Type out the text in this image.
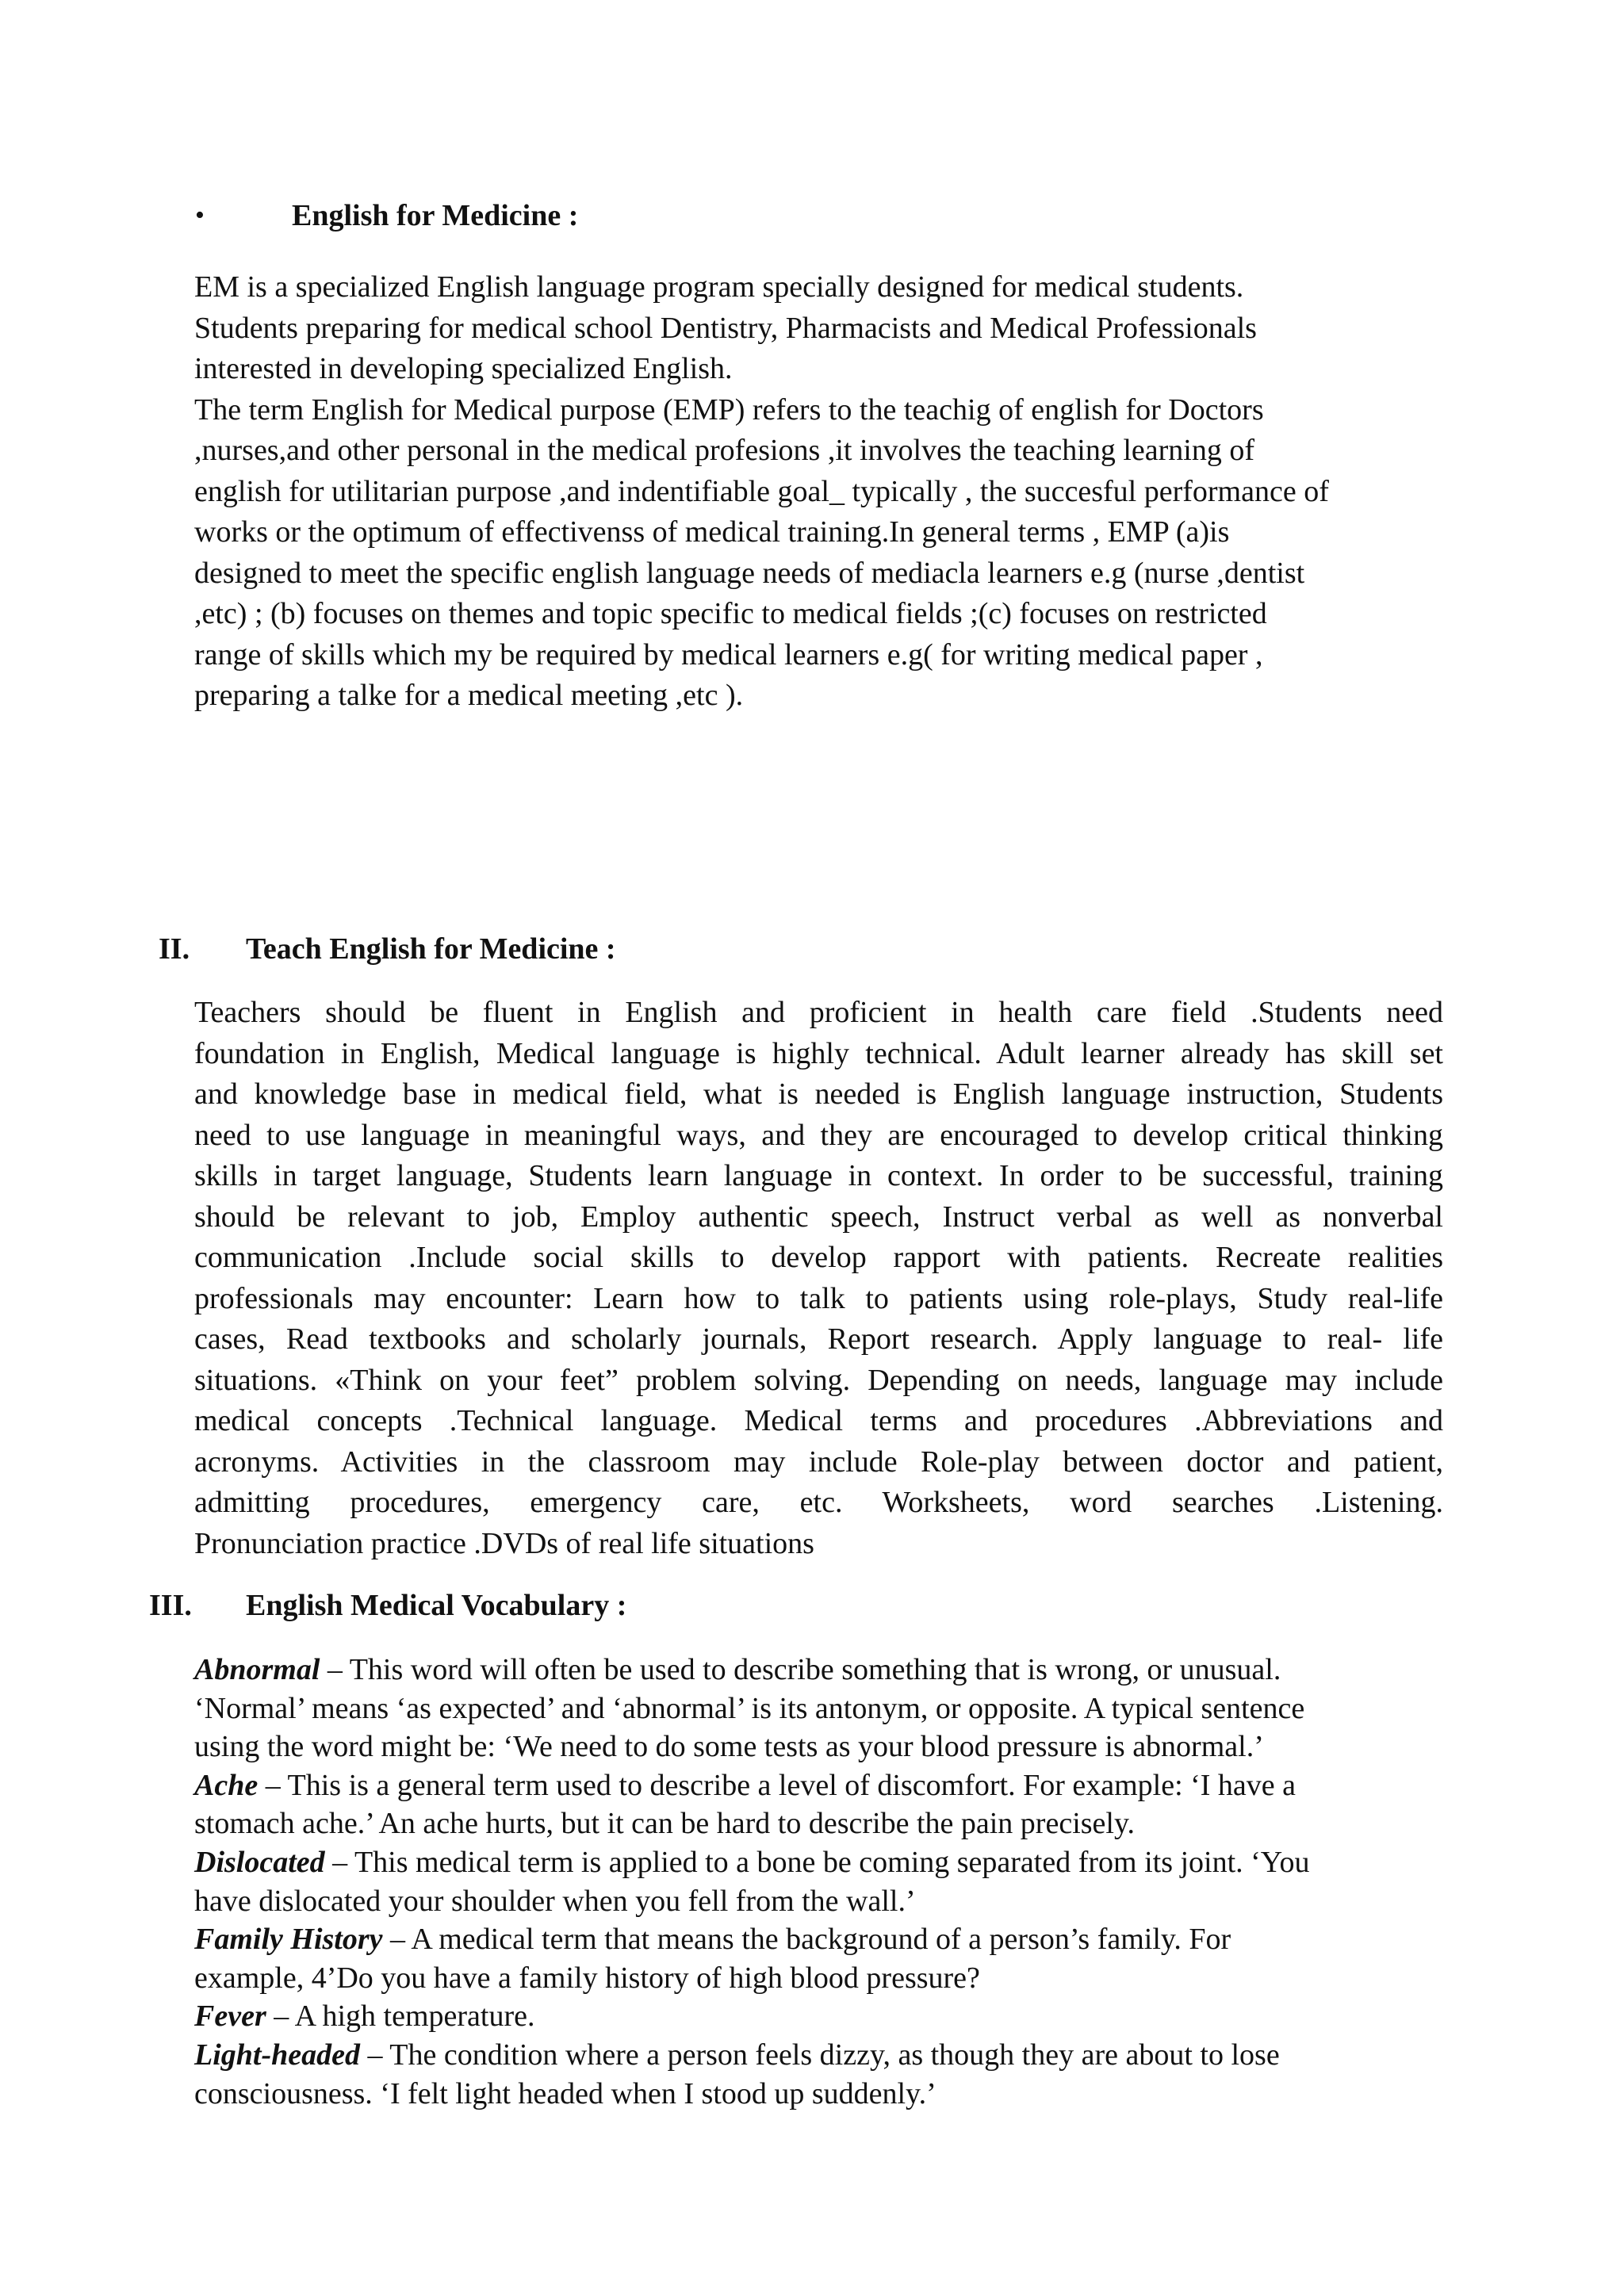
•	English for Medicine :
EM is a specialized English language program specially designed for medical students.
Students preparing for medical school Dentistry, Pharmacists and Medical Professionals
interested in developing specialized English.
The term English for Medical purpose (EMP) refers to the teachig of english for Doctors
,nurses,and other personal in the medical profesions ,it involves the teaching learning of
english for utilitarian purpose ,and indentifiable goal_ typically , the succesful performance of
works or the optimum of effectivenss of medical training.In general terms , EMP (a)is
designed to meet the specific english language needs of mediacla learners e.g (nurse ,dentist
,etc) ; (b) focuses on themes and topic specific to medical fields ;(c) focuses on restricted
range of skills which my be required by medical learners e.g( for writing medical paper ,
preparing a talke for a medical meeting ,etc ).
II. Teach English for Medicine :
Teachers should be fluent in English and proficient in health care field .Students need
foundation in English, Medical language is highly technical. Adult learner already has skill set
and knowledge base in medical field, what is needed is English language instruction, Students
need to use language in meaningful ways, and they are encouraged to develop critical thinking
skills in target language, Students learn language in context. In order to be successful, training
should be relevant to job, Employ authentic speech, Instruct verbal as well as nonverbal
communication .Include social skills to develop rapport with patients. Recreate realities
professionals may encounter: Learn how to talk to patients using role-plays, Study real-life
cases, Read textbooks and scholarly journals, Report research. Apply language to real- life
situations. «Think on your feet” problem solving. Depending on needs, language may include
medical concepts .Technical language. Medical terms and procedures .Abbreviations and
acronyms. Activities in the classroom may include Role-play between doctor and patient,
admitting procedures, emergency care, etc. Worksheets, word searches .Listening.
Pronunciation practice .DVDs of real life situations
III. English Medical Vocabulary :
Abnormal – This word will often be used to describe something that is wrong, or unusual.
‘Normal’ means ‘as expected’ and ‘abnormal’ is its antonym, or opposite. A typical sentence
using the word might be: ‘We need to do some tests as your blood pressure is abnormal.’
Ache – This is a general term used to describe a level of discomfort. For example: ‘I have a
stomach ache.’ An ache hurts, but it can be hard to describe the pain precisely.
Dislocated – This medical term is applied to a bone be coming separated from its joint. ‘You
have dislocated your shoulder when you fell from the wall.’
Family History – A medical term that means the background of a person’s family. For
example, 4’Do you have a family history of high blood pressure?
Fever – A high temperature.
Light-headed – The condition where a person feels dizzy, as though they are about to lose
consciousness. ‘I felt light headed when I stood up suddenly.’
